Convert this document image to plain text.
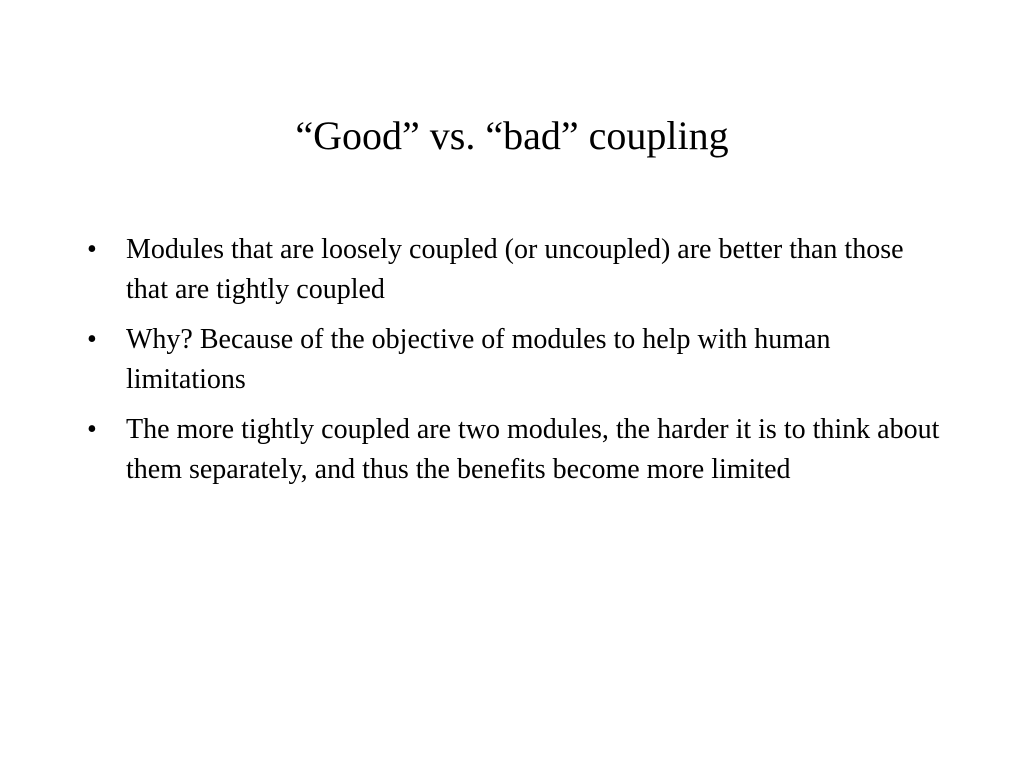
“Good” vs. “bad” coupling
•	Modules that are loosely coupled (or uncoupled) are better than those that are tightly coupled
•	Why? Because of the objective of modules to help with human limitations
•	The more tightly coupled are two modules, the harder it is to think about them separately, and thus the benefits become more limited
